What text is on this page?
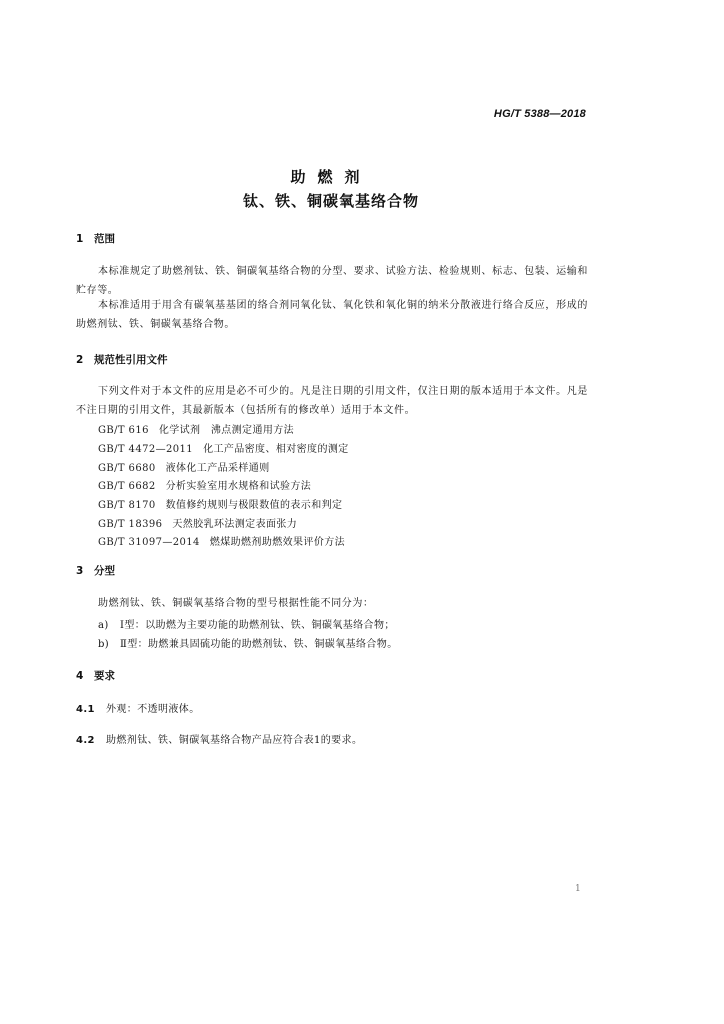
HG/T 5388—2018
助燃剂
钛、铁、铜碳氧基络合物
1 范围
本标准规定了助燃剂钛、铁、铜碳氧基络合物的分型、要求、试验方法、检验规则、标志、包装、运输和贮存等。
本标准适用于用含有碳氧基基团的络合剂同氧化钛、氧化铁和氧化铜的纳米分散液进行络合反应，形成的助燃剂钛、铁、铜碳氧基络合物。
2 规范性引用文件
下列文件对于本文件的应用是必不可少的。凡是注日期的引用文件，仅注日期的版本适用于本文件。凡是不注日期的引用文件，其最新版本（包括所有的修改单）适用于本文件。
GB/T 616 化学试剂　沸点测定通用方法
GB/T 4472—2011 化工产品密度、相对密度的测定
GB/T 6680 液体化工产品采样通则
GB/T 6682 分析实验室用水规格和试验方法
GB/T 8170 数值修约规则与极限数值的表示和判定
GB/T 18396 天然胶乳环法测定表面张力
GB/T 31097—2014 燃煤助燃剂助燃效果评价方法
3 分型
助燃剂钛、铁、铜碳氧基络合物的型号根据性能不同分为：
a) Ⅰ型：以助燃为主要功能的助燃剂钛、铁、铜碳氧基络合物；
b) Ⅱ型：助燃兼具固硫功能的助燃剂钛、铁、铜碳氧基络合物。
4 要求
4.1 外观：不透明液体。
4.2 助燃剂钛、铁、铜碳氧基络合物产品应符合表1的要求。
1
